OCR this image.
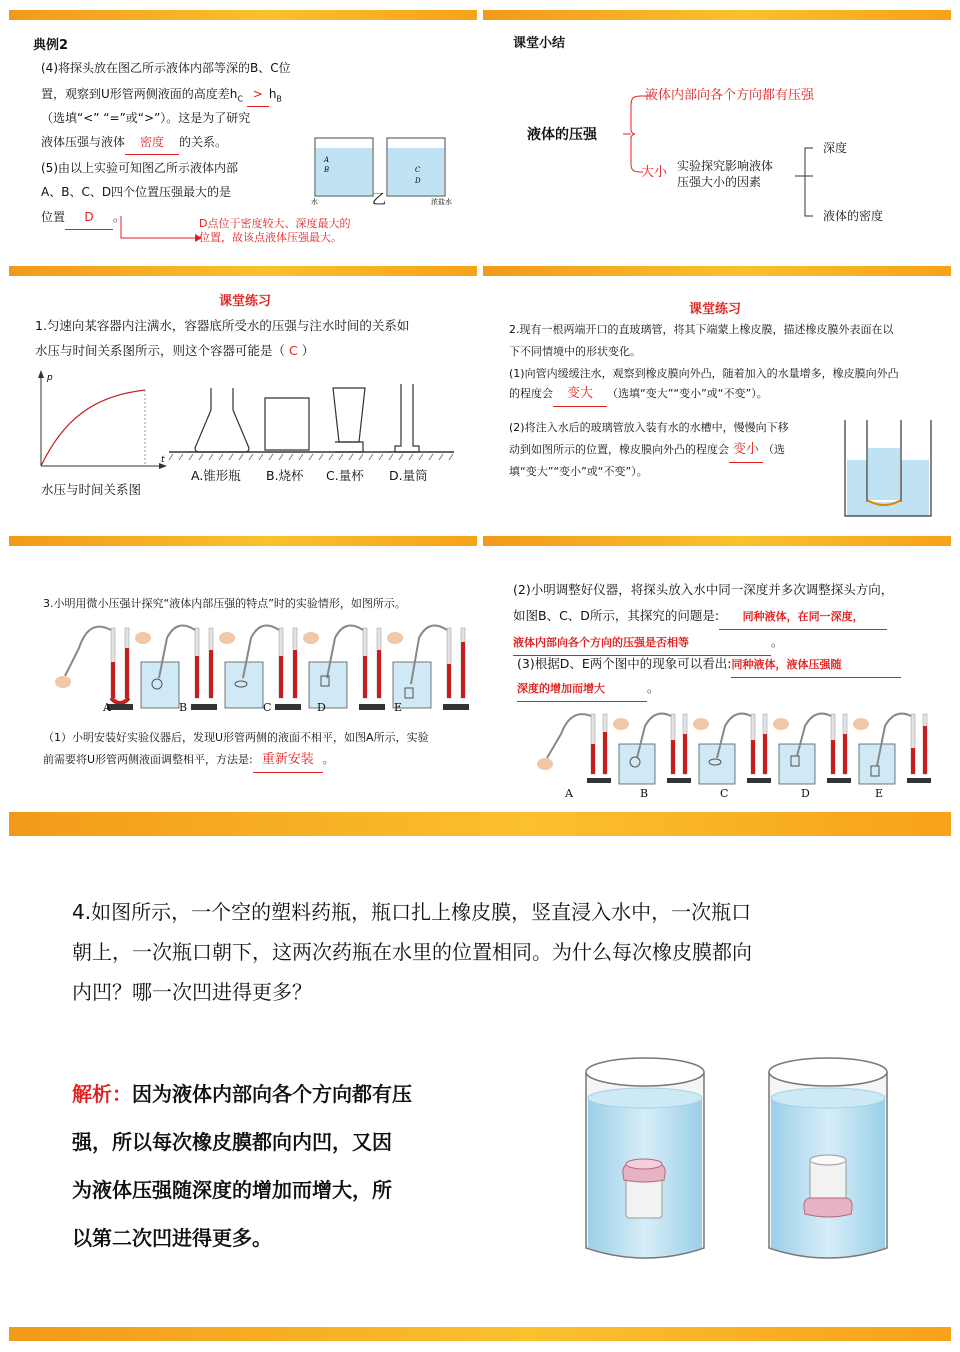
典例2
(4)将探头放在图乙所示液体内部等深的B、C位
置，观察到U形管两侧液面的高度差$h_C > h_B$
（选填“<” “=”或“>”）。这是为了研究
液体压强与液体 密度 的关系。
(5)由以上实验可知图乙所示液体内部
A、B、C、D四个位置压强最大的是
位置 D 。	D点位于密度较大、深度最大的
位置，故该点液体压强最大。
A
B	C
D
水	浓盐水
乙
课堂小结
液体的压强
液体内部向各个方向都有压强
大小 实验探究影响液体
压强大小的因素
深度
液体的密度
课堂练习
1.匀速向某容器内注满水，容器底所受水的压强与注水时间的关系如
水压与时间关系图所示，则这个容器可能是（ C ）
p
t
水压与时间关系图
A.锥形瓶 B.烧杯 C.量杯 D.量筒
课堂练习
2.现有一根两端开口的直玻璃管，将其下端蒙上橡皮膜，描述橡皮膜外表面在以
下不同情境中的形状变化。
(1)向管内缓缓注水，观察到橡皮膜向外凸，随着加入的水量增多，橡皮膜向外凸
的程度会 变大 （选填“变大”“变小”或“不变”）。
(2)将注入水后的玻璃管放入装有水的水槽中，慢慢向下移
动到如图所示的位置，橡皮膜向外凸的程度会 变小 （选
填“变大”“变小”或“不变”）。
3.小明用微小压强计探究“液体内部压强的特点”时的实验情形，如图所示。
A	B	C	D	E
（1）小明安装好实验仪器后，发现U形管两侧的液面不相平，如图A所示，实验
前需要将U形管两侧液面调整相平，方法是: 重新安装 。
(2)小明调整好仪器，将探头放入水中同一深度并多次调整探头方向，
如图B、C、D所示，其探究的问题是: 同种液体，在同一深度，
液体内部向各个方向的压强是否相等	。
(3)根据D、E两个图中的现象可以看出:同种液体，液体压强随
深度的增加而增大	。
A	B	C	D	E
4.如图所示，一个空的塑料药瓶，瓶口扎上橡皮膜，竖直浸入水中，一次瓶口
朝上，一次瓶口朝下，这两次药瓶在水里的位置相同。为什么每次橡皮膜都向
内凹？哪一次凹进得更多？
解析：因为液体内部向各个方向都有压
强，所以每次橡皮膜都向内凹，又因
为液体压强随深度的增加而增大，所
以第二次凹进得更多。
